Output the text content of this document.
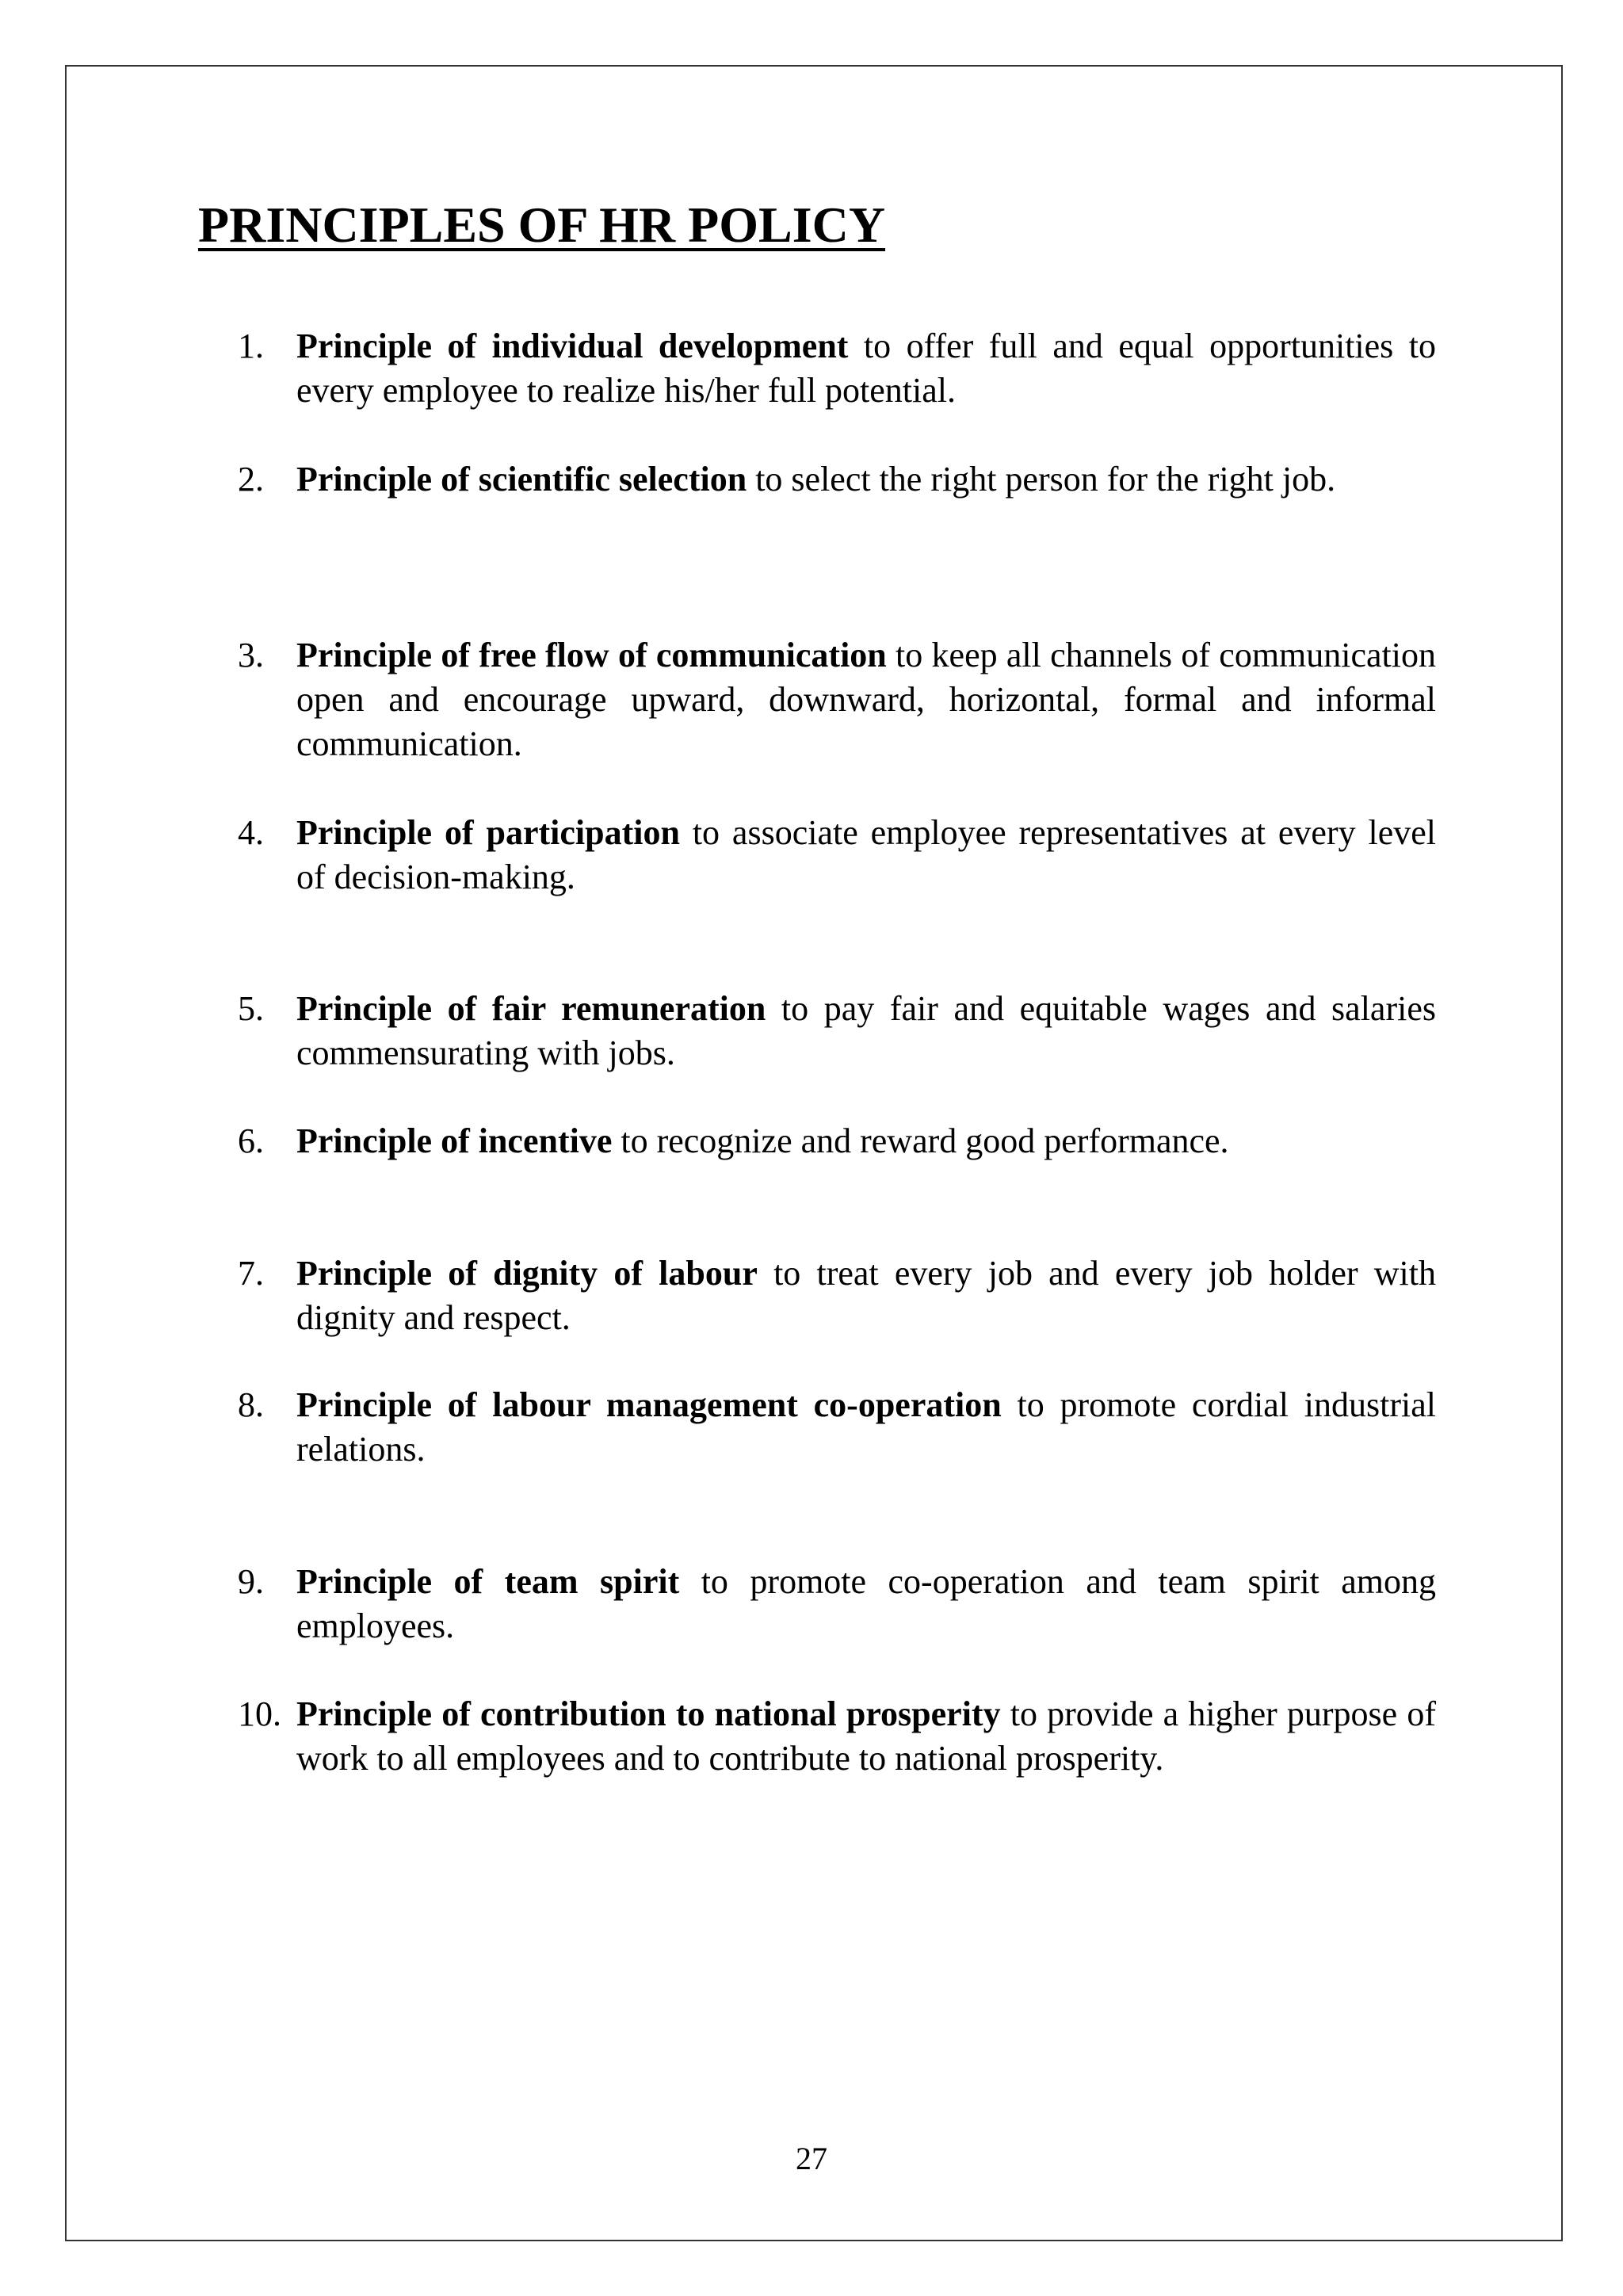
PRINCIPLES OF HR POLICY
1. Principle of individual development to offer full and equal opportunities to every employee to realize his/her full potential.
2. Principle of scientific selection to select the right person for the right job.
3. Principle of free flow of communication to keep all channels of communication open and encourage upward, downward, horizontal, formal and informal communication.
4. Principle of participation to associate employee representatives at every level of decision-making.
5. Principle of fair remuneration to pay fair and equitable wages and salaries commensurating with jobs.
6. Principle of incentive to recognize and reward good performance.
7. Principle of dignity of labour to treat every job and every job holder with dignity and respect.
8. Principle of labour management co-operation to promote cordial industrial relations.
9. Principle of team spirit to promote co-operation and team spirit among employees.
10. Principle of contribution to national prosperity to provide a higher purpose of work to all employees and to contribute to national prosperity.
27
